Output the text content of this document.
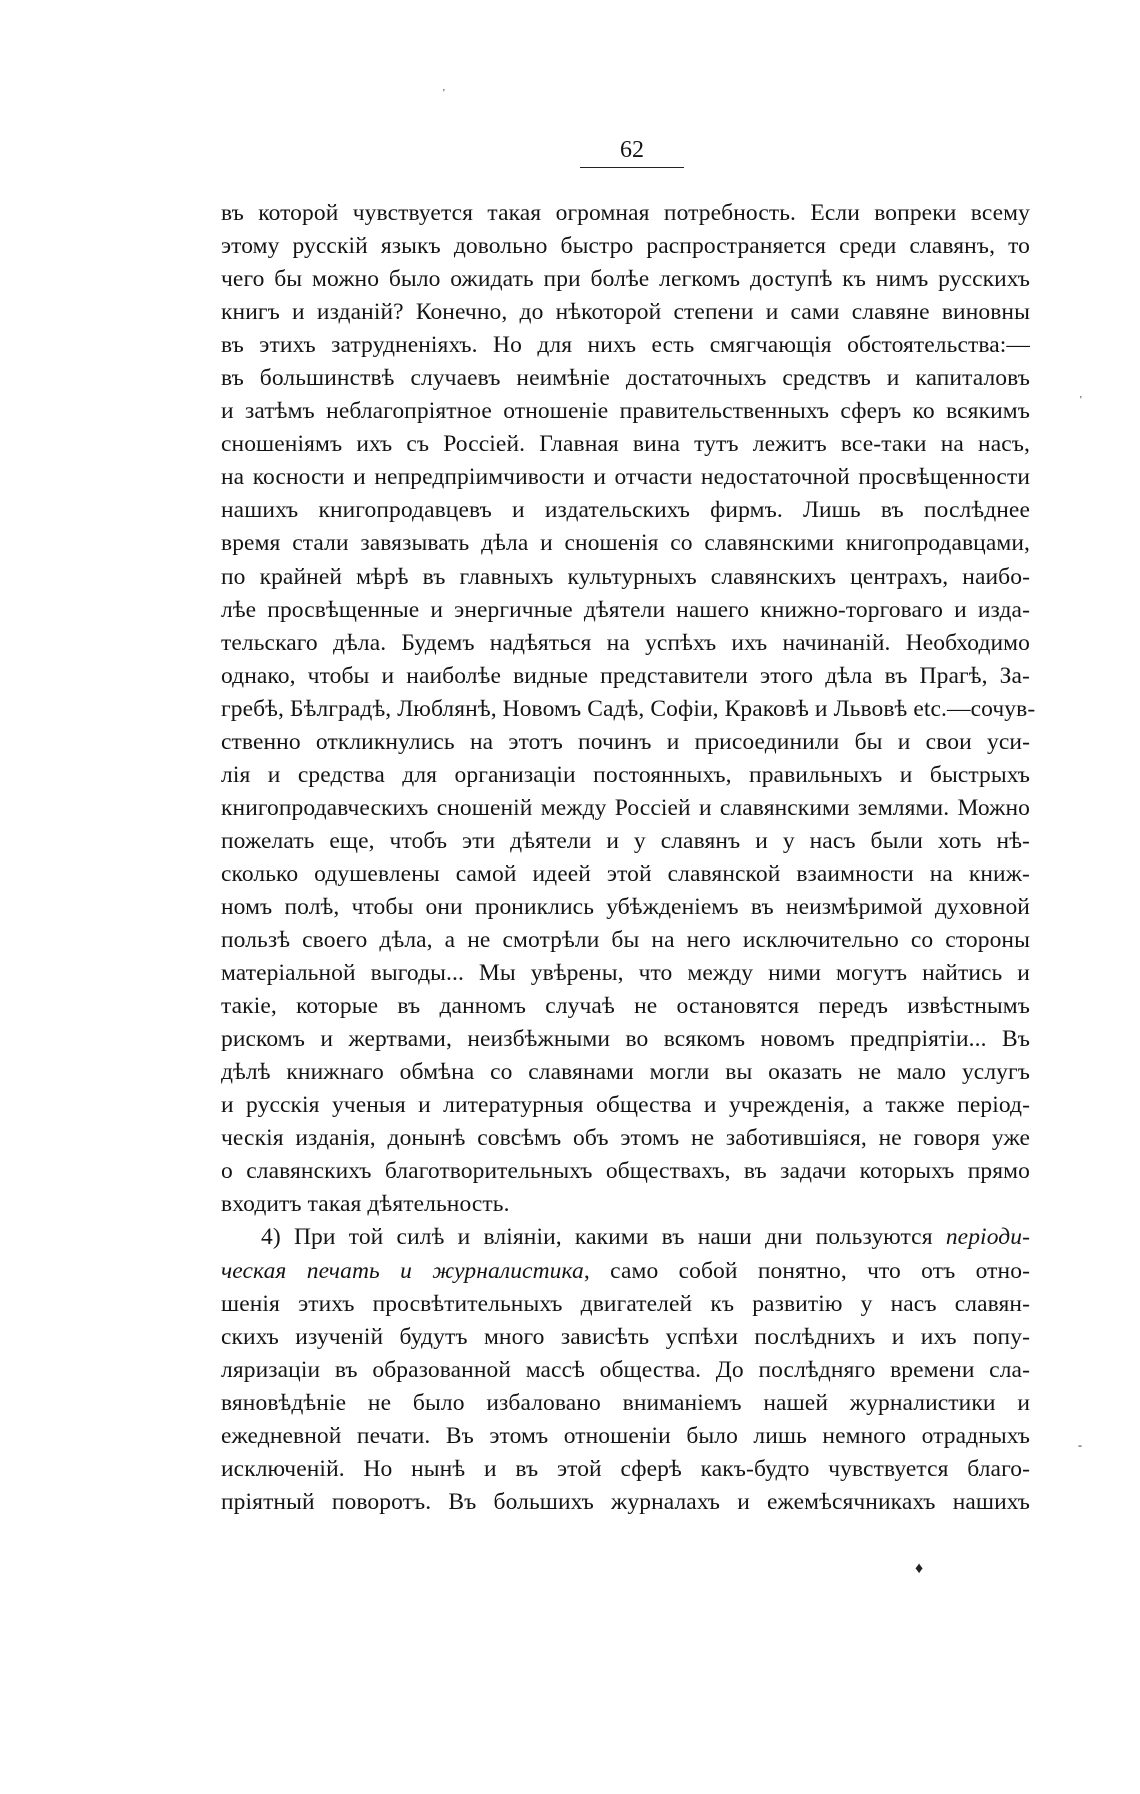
'
62
въ которой чувствуется такая огромная потребность. Если вопреки всему
этому русскій языкъ довольно быстро распространяется среди славянъ, то
чего бы можно было ожидать при болѣе легкомъ доступѣ къ нимъ русскихъ
книгъ и изданій? Конечно, до нѣкоторой степени и сами славяне виновны
въ этихъ затрудненіяхъ. Но для нихъ есть смягчающія обстоятельства:—
въ большинствѣ случаевъ неимѣніе достаточныхъ средствъ и капиталовъ
и затѣмъ неблагопріятное отношеніе правительственныхъ сферъ ко всякимъ
сношеніямъ ихъ съ Россіей. Главная вина тутъ лежитъ все-таки на насъ,
на косности и непредпріимчивости и отчасти недостаточной просвѣщенности
нашихъ книгопродавцевъ и издательскихъ фирмъ. Лишь въ послѣднее
время стали завязывать дѣла и сношенія со славянскими книгопродавцами,
по крайней мѣрѣ въ главныхъ культурныхъ славянскихъ центрахъ, наибо-
лѣе просвѣщенные и энергичные дѣятели нашего книжно-торговаго и изда-
тельскаго дѣла. Будемъ надѣяться на успѣхъ ихъ начинаній. Необходимо
однако, чтобы и наиболѣе видные представители этого дѣла въ Прагѣ, За-
гребѣ, Бѣлградѣ, Люблянѣ, Новомъ Садѣ, Софіи, Краковѣ и Львовѣ etc.—сочув-
ственно откликнулись на этотъ починъ и присоединили бы и свои уси-
лія и средства для организаціи постоянныхъ, правильныхъ и быстрыхъ
книгопродавческихъ сношеній между Россіей и славянскими землями. Можно
пожелать еще, чтобъ эти дѣятели и у славянъ и у насъ были хоть нѣ-
сколько одушевлены самой идеей этой славянской взаимности на книж-
номъ полѣ, чтобы они прониклись убѣжденіемъ въ неизмѣримой духовной
пользѣ своего дѣла, а не смотрѣли бы на него исключительно со стороны
матеріальной выгоды... Мы увѣрены, что между ними могутъ найтись и
такіе, которые въ данномъ случаѣ не остановятся передъ извѣстнымъ
рискомъ и жертвами, неизбѣжными во всякомъ новомъ предпріятіи... Въ
дѣлѣ книжнаго обмѣна со славянами могли вы оказать не мало услугъ
и русскія ученыя и литературныя общества и учрежденія, а также період-
ческія изданія, донынѣ совсѣмъ объ этомъ не заботившіяся, не говоря уже
о славянскихъ благотворительныхъ обществахъ, въ задачи которыхъ прямо
входитъ такая дѣятельность.
4) При той силѣ и вліяніи, какими въ наши дни пользуются періоди-
ческая печать и журналистика, само собой понятно, что отъ отно-
шенія этихъ просвѣтительныхъ двигателей къ развитію у насъ славян-
скихъ изученій будутъ много зависѣть успѣхи послѣднихъ и ихъ попу-
ляризаціи въ образованной массѣ общества. До послѣдняго времени сла-
вяновѣдѣніе не было избаловано вниманіемъ нашей журналистики и
ежедневной печати. Въ этомъ отношеніи было лишь немного отрадныхъ
исключеній. Но нынѣ и въ этой сферѣ какъ-будто чувствуется благо-
пріятный поворотъ. Въ большихъ журналахъ и ежемѣсячникахъ нашихъ
'
-
♦
